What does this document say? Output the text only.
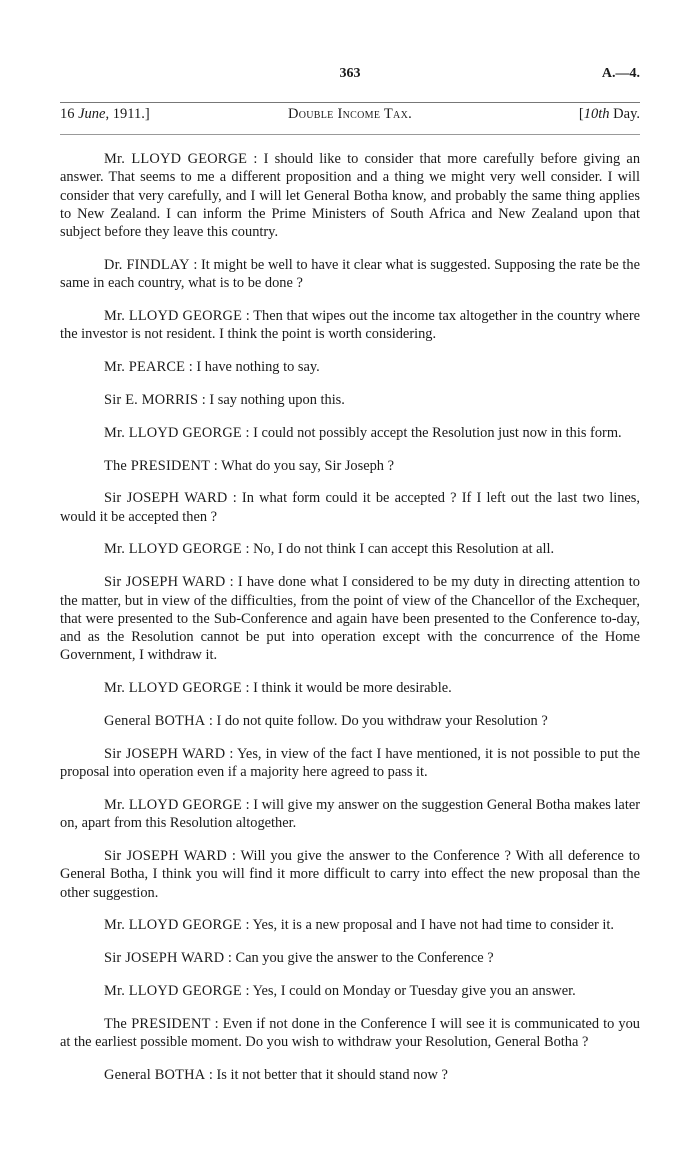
363	A.—4.
16 June, 1911.]	Double Income Tax.	[10th Day.

Mr. LLOYD GEORGE : I should like to consider that more carefully before giving an answer. That seems to me a different proposition and a thing we might very well consider. I will consider that very carefully, and I will let General Botha know, and probably the same thing applies to New Zealand. I can inform the Prime Ministers of South Africa and New Zealand upon that subject before they leave this country.

Dr. FINDLAY : It might be well to have it clear what is suggested. Supposing the rate be the same in each country, what is to be done ?

Mr. LLOYD GEORGE : Then that wipes out the income tax altogether in the country where the investor is not resident. I think the point is worth considering.

Mr. PEARCE : I have nothing to say.

Sir E. MORRIS : I say nothing upon this.

Mr. LLOYD GEORGE : I could not possibly accept the Resolution just now in this form.

The PRESIDENT : What do you say, Sir Joseph ?

Sir JOSEPH WARD : In what form could it be accepted ? If I left out the last two lines, would it be accepted then ?

Mr. LLOYD GEORGE : No, I do not think I can accept this Resolution at all.

Sir JOSEPH WARD : I have done what I considered to be my duty in directing attention to the matter, but in view of the difficulties, from the point of view of the Chancellor of the Exchequer, that were presented to the Sub-Conference and again have been presented to the Conference to-day, and as the Resolution cannot be put into operation except with the concurrence of the Home Government, I withdraw it.

Mr. LLOYD GEORGE : I think it would be more desirable.

General BOTHA : I do not quite follow. Do you withdraw your Resolution ?

Sir JOSEPH WARD : Yes, in view of the fact I have mentioned, it is not possible to put the proposal into operation even if a majority here agreed to pass it.

Mr. LLOYD GEORGE : I will give my answer on the suggestion General Botha makes later on, apart from this Resolution altogether.

Sir JOSEPH WARD : Will you give the answer to the Conference ? With all deference to General Botha, I think you will find it more difficult to carry into effect the new proposal than the other suggestion.

Mr. LLOYD GEORGE : Yes, it is a new proposal and I have not had time to consider it.

Sir JOSEPH WARD : Can you give the answer to the Conference ?

Mr. LLOYD GEORGE : Yes, I could on Monday or Tuesday give you an answer.

The PRESIDENT : Even if not done in the Conference I will see it is communicated to you at the earliest possible moment. Do you wish to withdraw your Resolution, General Botha ?

General BOTHA : Is it not better that it should stand now ?
